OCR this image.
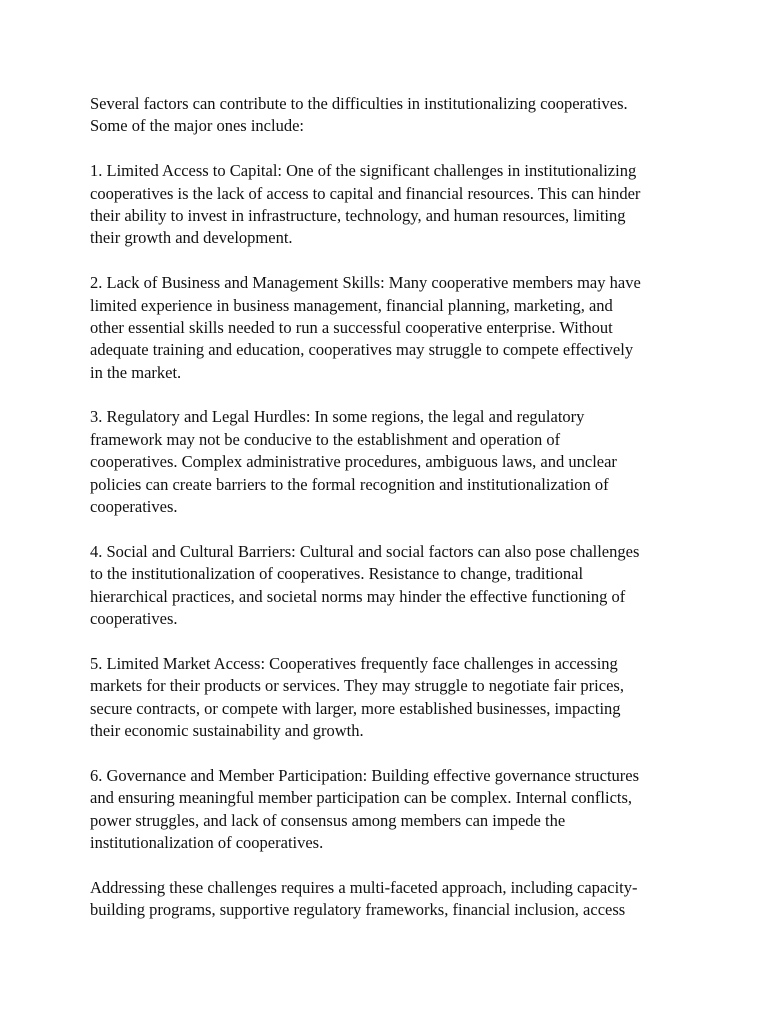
Several factors can contribute to the difficulties in institutionalizing cooperatives.
Some of the major ones include:

1. Limited Access to Capital: One of the significant challenges in institutionalizing
cooperatives is the lack of access to capital and financial resources. This can hinder
their ability to invest in infrastructure, technology, and human resources, limiting
their growth and development.

2. Lack of Business and Management Skills: Many cooperative members may have
limited experience in business management, financial planning, marketing, and
other essential skills needed to run a successful cooperative enterprise. Without
adequate training and education, cooperatives may struggle to compete effectively
in the market.

3. Regulatory and Legal Hurdles: In some regions, the legal and regulatory
framework may not be conducive to the establishment and operation of
cooperatives. Complex administrative procedures, ambiguous laws, and unclear
policies can create barriers to the formal recognition and institutionalization of
cooperatives.

4. Social and Cultural Barriers: Cultural and social factors can also pose challenges
to the institutionalization of cooperatives. Resistance to change, traditional
hierarchical practices, and societal norms may hinder the effective functioning of
cooperatives.

5. Limited Market Access: Cooperatives frequently face challenges in accessing
markets for their products or services. They may struggle to negotiate fair prices,
secure contracts, or compete with larger, more established businesses, impacting
their economic sustainability and growth.

6. Governance and Member Participation: Building effective governance structures
and ensuring meaningful member participation can be complex. Internal conflicts,
power struggles, and lack of consensus among members can impede the
institutionalization of cooperatives.

Addressing these challenges requires a multi-faceted approach, including capacity-
building programs, supportive regulatory frameworks, financial inclusion, access
